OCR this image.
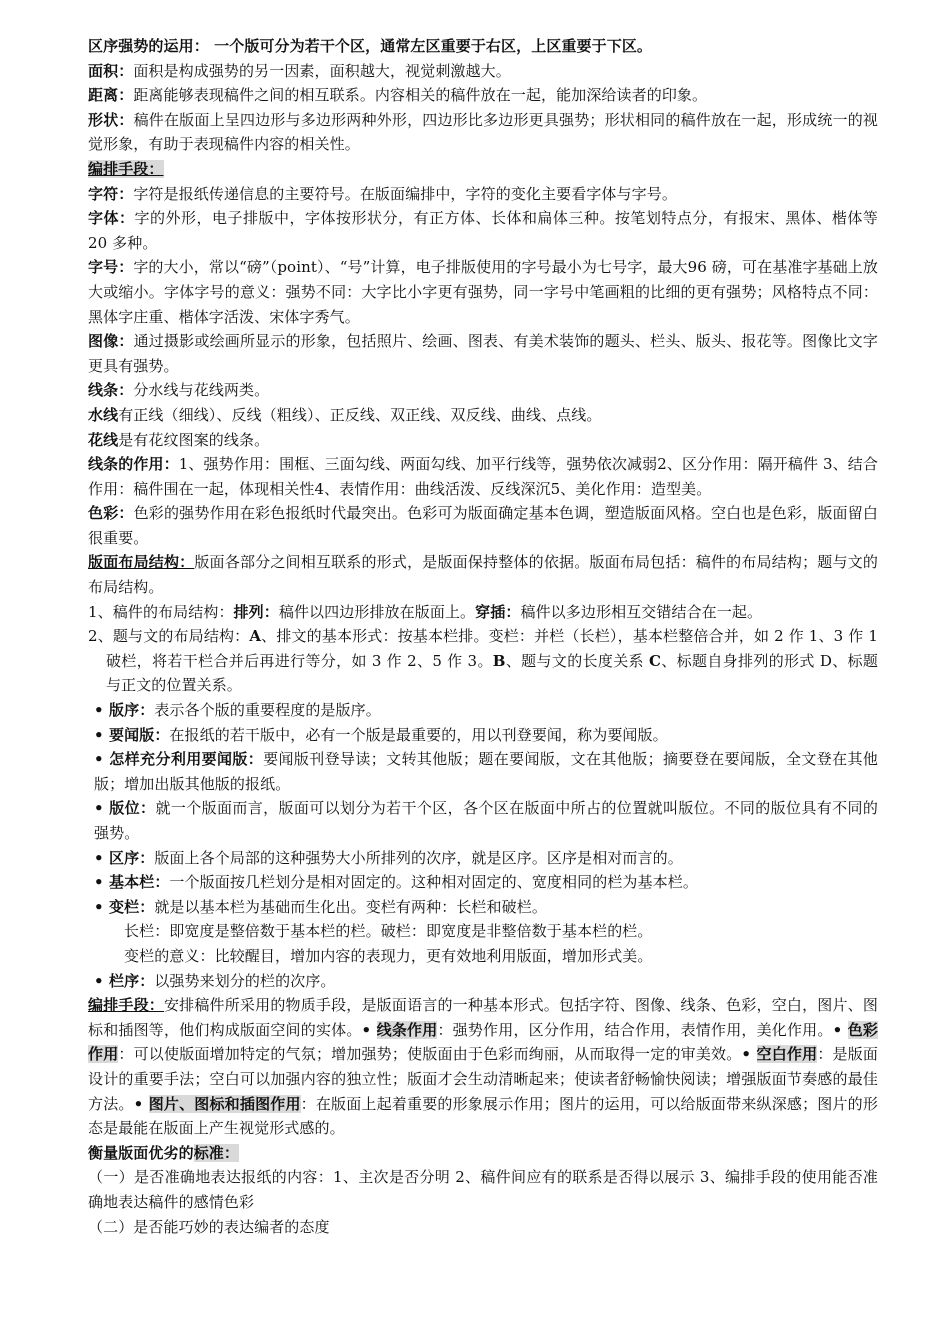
区序强势的运用： 一个版可分为若干个区，通常左区重要于右区，上区重要于下区。

面积：面积是构成强势的另一因素，面积越大，视觉刺激越大。

距离：距离能够表现稿件之间的相互联系。内容相关的稿件放在一起，能加深给读者的印象。

形状：稿件在版面上呈四边形与多边形两种外形，四边形比多边形更具强势；形状相同的稿件放在一起，形成统一的视觉形象，有助于表现稿件内容的相关性。

编排手段：

字符：字符是报纸传递信息的主要符号。在版面编排中，字符的变化主要看字体与字号。

字体：字的外形，电子排版中，字体按形状分，有正方体、长体和扁体三种。按笔划特点分，有报宋、黑体、楷体等 20 多种。

字号：字的大小，常以“磅”（point）、“号”计算，电子排版使用的字号最小为七号字，最大96 磅，可在基准字基础上放大或缩小。字体字号的意义：强势不同：大字比小字更有强势，同一字号中笔画粗的比细的更有强势；风格特点不同：黑体字庄重、楷体字活泼、宋体字秀气。

图像：通过摄影或绘画所显示的形象，包括照片、绘画、图表、有美术装饰的题头、栏头、版头、报花等。图像比文字更具有强势。

线条：分水线与花线两类。

水线有正线（细线）、反线（粗线）、正反线、双正线、双反线、曲线、点线。

花线是有花纹图案的线条。

线条的作用：1、强势作用：围框、三面勾线、两面勾线、加平行线等，强势依次减弱2、区分作用：隔开稿件 3、结合作用：稿件围在一起，体现相关性4、表情作用：曲线活泼、反线深沉5、美化作用：造型美。

色彩：色彩的强势作用在彩色报纸时代最突出。色彩可为版面确定基本色调，塑造版面风格。空白也是色彩，版面留白很重要。

版面布局结构：版面各部分之间相互联系的形式，是版面保持整体的依据。版面布局包括：稿件的布局结构；题与文的布局结构。

1、稿件的布局结构：排列：稿件以四边形排放在版面上。穿插：稿件以多边形相互交错结合在一起。

2、题与文的布局结构：A、排文的基本形式：按基本栏排。变栏：并栏（长栏），基本栏整倍合并，如 2 作 1、3 作 1 破栏，将若干栏合并后再进行等分，如 3 作 2、5 作 3。B、题与文的长度关系 C、标题自身排列的形式 D、标题与正文的位置关系。

• 版序：表示各个版的重要程度的是版序。

• 要闻版：在报纸的若干版中，必有一个版是最重要的，用以刊登要闻，称为要闻版。

• 怎样充分利用要闻版：要闻版刊登导读；文转其他版；题在要闻版，文在其他版；摘要登在要闻版，全文登在其他版；增加出版其他版的报纸。

• 版位：就一个版面而言，版面可以划分为若干个区，各个区在版面中所占的位置就叫版位。不同的版位具有不同的强势。

• 区序：版面上各个局部的这种强势大小所排列的次序，就是区序。区序是相对而言的。

• 基本栏：一个版面按几栏划分是相对固定的。这种相对固定的、宽度相同的栏为基本栏。

• 变栏：就是以基本栏为基础而生化出。变栏有两种：长栏和破栏。

长栏：即宽度是整倍数于基本栏的栏。破栏：即宽度是非整倍数于基本栏的栏。

变栏的意义：比较醒目，增加内容的表现力，更有效地利用版面，增加形式美。

• 栏序：以强势来划分的栏的次序。

编排手段：安排稿件所采用的物质手段，是版面语言的一种基本形式。包括字符、图像、线条、色彩，空白，图片、图标和插图等，他们构成版面空间的实体。• 线条作用：强势作用，区分作用，结合作用，表情作用，美化作用。• 色彩作用：可以使版面增加特定的气氛；增加强势；使版面由于色彩而绚丽，从而取得一定的审美效。• 空白作用：是版面设计的重要手法；空白可以加强内容的独立性；版面才会生动清晰起来；使读者舒畅愉快阅读；增强版面节奏感的最佳方法。• 图片、图标和插图作用：在版面上起着重要的形象展示作用；图片的运用，可以给版面带来纵深感；图片的形态是最能在版面上产生视觉形式感的。

衡量版面优劣的标准：

（一）是否准确地表达报纸的内容：1、主次是否分明 2、稿件间应有的联系是否得以展示 3、编排手段的使用能否准确地表达稿件的感情色彩

（二）是否能巧妙的表达编者的态度
